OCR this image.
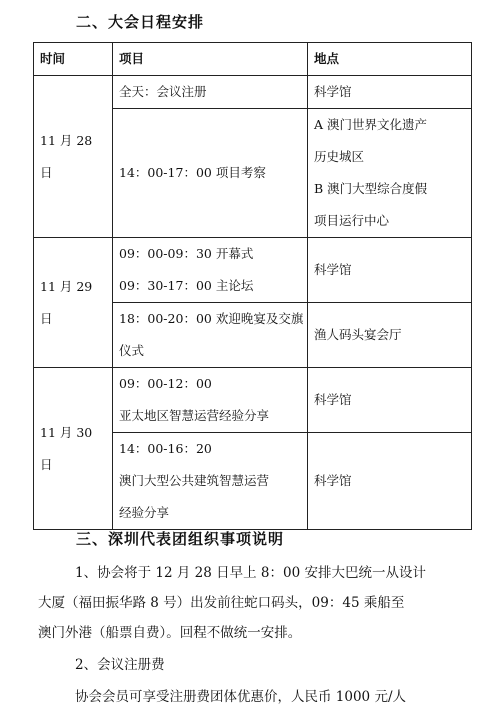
二、大会日程安排
时间	项目	地点
11 月 28 日	全天：会议注册	科学馆
	14：00-17：00 项目考察	A 澳门世界文化遗产
历史城区
B 澳门大型综合度假
项目运行中心

11 月 29 日	09：00-09：30 开幕式
09：30-17：00 主论坛	科学馆

	18：00-20：00 欢迎晚宴及交旗
仪式	渔人码头宴会厅
11 月 30 日	09：00-12：00
亚太地区智慧运营经验分享	科学馆

	14：00-16：20
澳门大型公共建筑智慧运营
经验分享	科学馆
三、深圳代表团组织事项说明
1、协会将于 12 月 28 日早上 8：00 安排大巴统一从设计
大厦（福田振华路 8 号）出发前往蛇口码头，09：45 乘船至
澳门外港（船票自费）。回程不做统一安排。
2、会议注册费
协会会员可享受注册费团体优惠价，人民币 1000 元/人
